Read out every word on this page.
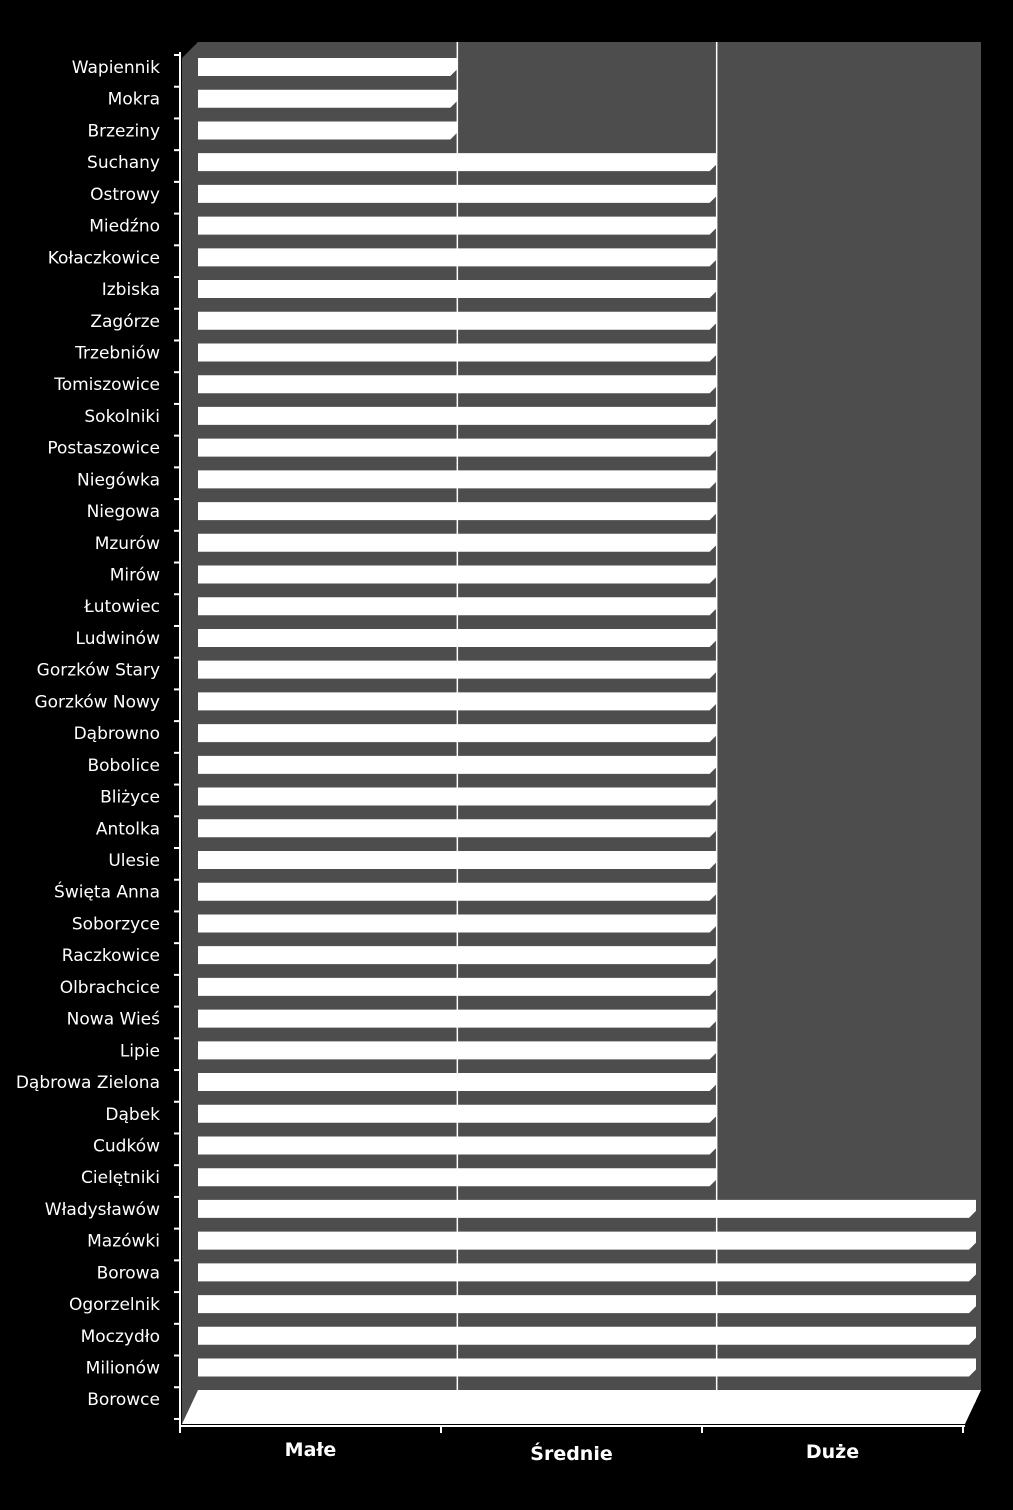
Wapiennik
Mokra
Brzeziny
Suchany
Ostrowy
Miedźno
Kołaczkowice
Izbiska
Zagórze
Trzebniów
Tomiszowice
Sokolniki
Postaszowice
Niegówka
Niegowa
Mzurów
Mirów
Łutowiec
Ludwinów
Gorzków Stary
Gorzków Nowy
Dąbrowno
Bobolice
Bliżyce
Antolka
Ulesie
Święta Anna
Soborzyce
Raczkowice
Olbrachcice
Nowa Wieś
Lipie
Dąbrowa Zielona
Dąbek
Cudków
Cielętniki
Władysławów
Mazówki
Borowa
Ogorzelnik
Moczydło
Milionów
Borowce
Małe	Średnie	Duże
